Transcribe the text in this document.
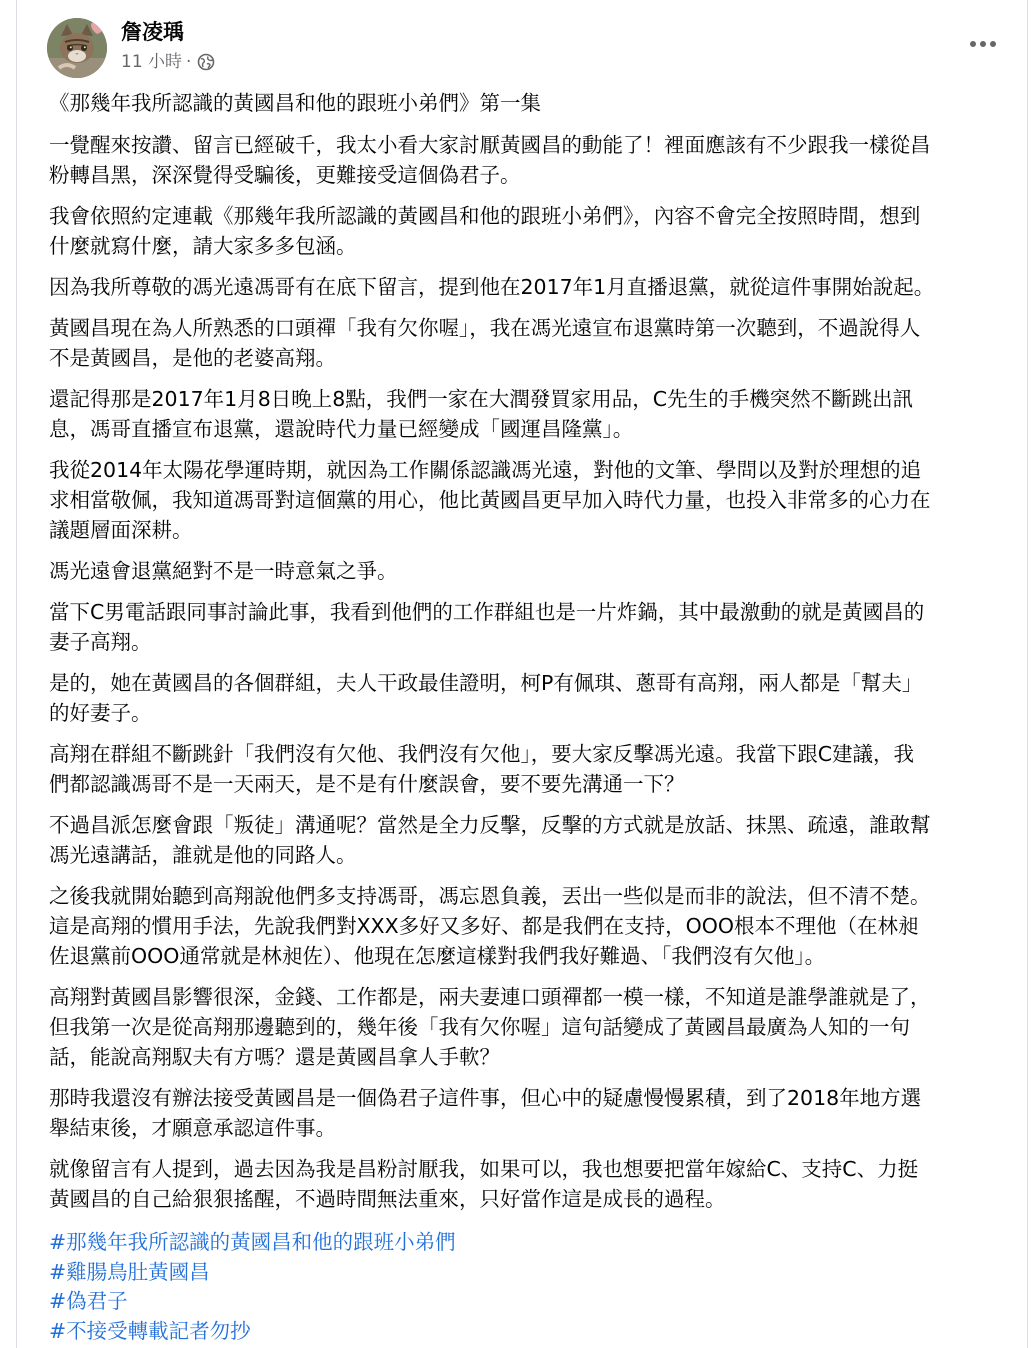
詹凌瑀
11 小時 ·

《那幾年我所認識的黃國昌和他的跟班小弟們》第一集

一覺醒來按讚、留言已經破千，我太小看大家討厭黃國昌的動能了！裡面應該有不少跟我一樣從昌
粉轉昌黑，深深覺得受騙後，更難接受這個偽君子。

我會依照約定連載《那幾年我所認識的黃國昌和他的跟班小弟們》，內容不會完全按照時間，想到
什麼就寫什麼，請大家多多包涵。

因為我所尊敬的馮光遠馮哥有在底下留言，提到他在2017年1月直播退黨，就從這件事開始說起。

黃國昌現在為人所熟悉的口頭禪「我有欠你喔」，我在馮光遠宣布退黨時第一次聽到，不過說得人
不是黃國昌，是他的老婆高翔。

還記得那是2017年1月8日晚上8點，我們一家在大潤發買家用品，C先生的手機突然不斷跳出訊
息，馮哥直播宣布退黨，還說時代力量已經變成「國運昌隆黨」。

我從2014年太陽花學運時期，就因為工作關係認識馮光遠，對他的文筆、學問以及對於理想的追
求相當敬佩，我知道馮哥對這個黨的用心，他比黃國昌更早加入時代力量，也投入非常多的心力在
議題層面深耕。

馮光遠會退黨絕對不是一時意氣之爭。

當下C男電話跟同事討論此事，我看到他們的工作群組也是一片炸鍋，其中最激動的就是黃國昌的
妻子高翔。

是的，她在黃國昌的各個群組，夫人干政最佳證明，柯P有佩琪、蔥哥有高翔，兩人都是「幫夫」
的好妻子。

高翔在群組不斷跳針「我們沒有欠他、我們沒有欠他」，要大家反擊馮光遠。我當下跟C建議，我
們都認識馮哥不是一天兩天，是不是有什麼誤會，要不要先溝通一下？

不過昌派怎麼會跟「叛徒」溝通呢？當然是全力反擊，反擊的方式就是放話、抹黑、疏遠，誰敢幫
馮光遠講話，誰就是他的同路人。

之後我就開始聽到高翔說他們多支持馮哥，馮忘恩負義，丟出一些似是而非的說法，但不清不楚。
這是高翔的慣用手法，先說我們對XXX多好又多好、都是我們在支持，OOO根本不理他（在林昶
佐退黨前OOO通常就是林昶佐）、他現在怎麼這樣對我們我好難過、「我們沒有欠他」。

高翔對黃國昌影響很深，金錢、工作都是，兩夫妻連口頭禪都一模一樣，不知道是誰學誰就是了，
但我第一次是從高翔那邊聽到的，幾年後「我有欠你喔」這句話變成了黃國昌最廣為人知的一句
話，能說高翔馭夫有方嗎？還是黃國昌拿人手軟？

那時我還沒有辦法接受黃國昌是一個偽君子這件事，但心中的疑慮慢慢累積，到了2018年地方選
舉結束後，才願意承認這件事。

就像留言有人提到，過去因為我是昌粉討厭我，如果可以，我也想要把當年嫁給C、支持C、力挺
黃國昌的自己給狠狠搖醒，不過時間無法重來，只好當作這是成長的過程。

#那幾年我所認識的黃國昌和他的跟班小弟們
#雞腸鳥肚黃國昌
#偽君子
#不接受轉載記者勿抄
